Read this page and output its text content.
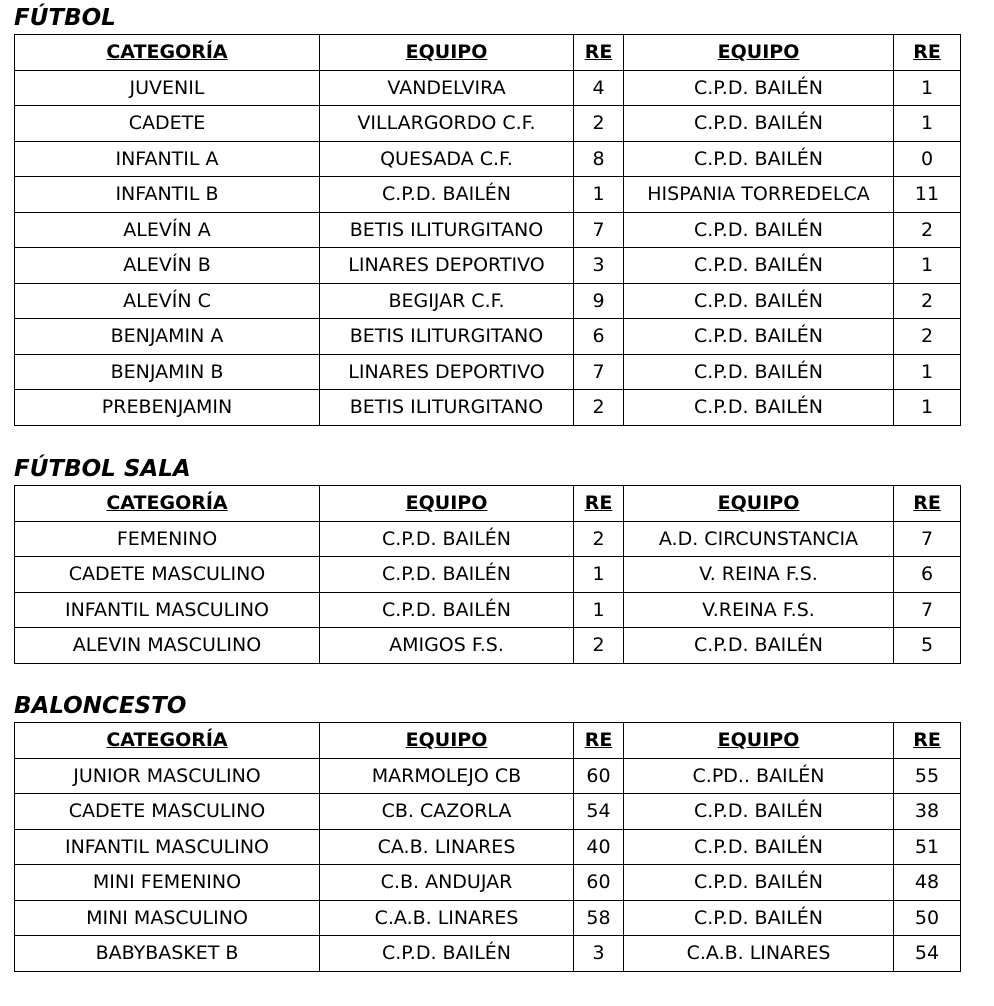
FÚTBOL
CATEGORÍA	EQUIPO	RE	EQUIPO	RE
JUVENIL	VANDELVIRA	4	C.P.D. BAILÉN	1
CADETE	VILLARGORDO C.F.	2	C.P.D. BAILÉN	1
INFANTIL A	QUESADA C.F.	8	C.P.D. BAILÉN	0
INFANTIL B	C.P.D. BAILÉN	1	HISPANIA TORREDELCA	11
ALEVÍN A	BETIS ILITURGITANO	7	C.P.D. BAILÉN	2
ALEVÍN B	LINARES DEPORTIVO	3	C.P.D. BAILÉN	1
ALEVÍN C	BEGIJAR C.F.	9	C.P.D. BAILÉN	2
BENJAMIN A	BETIS ILITURGITANO	6	C.P.D. BAILÉN	2
BENJAMIN B	LINARES DEPORTIVO	7	C.P.D. BAILÉN	1
PREBENJAMIN	BETIS ILITURGITANO	2	C.P.D. BAILÉN	1
FÚTBOL SALA
CATEGORÍA	EQUIPO	RE	EQUIPO	RE
FEMENINO	C.P.D. BAILÉN	2	A.D. CIRCUNSTANCIA	7
CADETE MASCULINO	C.P.D. BAILÉN	1	V. REINA F.S.	6
INFANTIL MASCULINO	C.P.D. BAILÉN	1	V.REINA F.S.	7
ALEVIN MASCULINO	AMIGOS F.S.	2	C.P.D. BAILÉN	5
BALONCESTO
CATEGORÍA	EQUIPO	RE	EQUIPO	RE
JUNIOR MASCULINO	MARMOLEJO CB	60	C.PD.. BAILÉN	55
CADETE MASCULINO	CB. CAZORLA	54	C.P.D. BAILÉN	38
INFANTIL MASCULINO	CA.B. LINARES	40	C.P.D. BAILÉN	51
MINI FEMENINO	C.B. ANDUJAR	60	C.P.D. BAILÉN	48
MINI MASCULINO	C.A.B. LINARES	58	C.P.D. BAILÉN	50
BABYBASKET B	C.P.D. BAILÉN	3	C.A.B. LINARES	54
